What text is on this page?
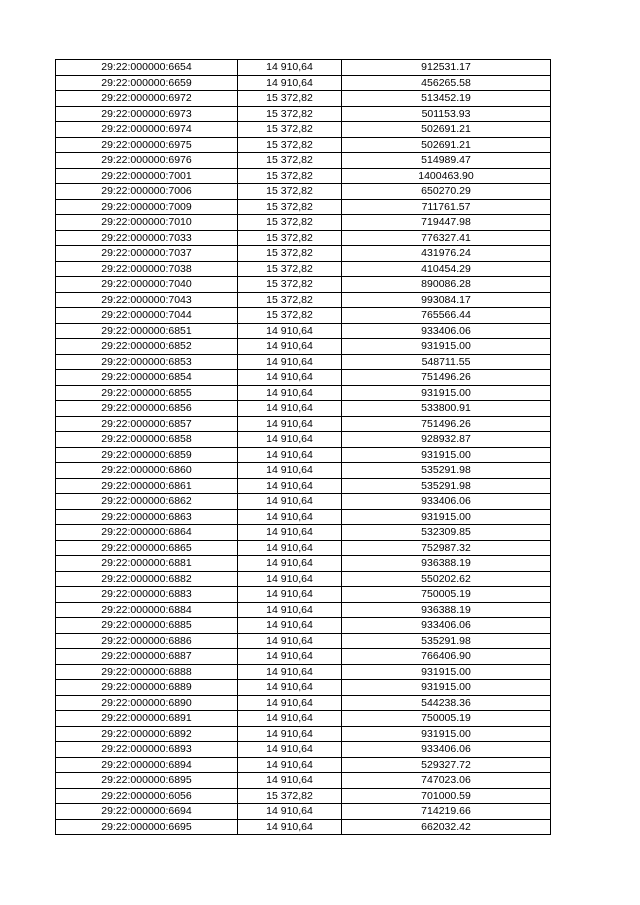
29:22:000000:6654	14 910,64	912531.17
29:22:000000:6659	14 910,64	456265.58
29:22:000000:6972	15 372,82	513452.19
29:22:000000:6973	15 372,82	501153.93
29:22:000000:6974	15 372,82	502691.21
29:22:000000:6975	15 372,82	502691.21
29:22:000000:6976	15 372,82	514989.47
29:22:000000:7001	15 372,82	1400463.90
29:22:000000:7006	15 372,82	650270.29
29:22:000000:7009	15 372,82	711761.57
29:22:000000:7010	15 372,82	719447.98
29:22:000000:7033	15 372,82	776327.41
29:22:000000:7037	15 372,82	431976.24
29:22:000000:7038	15 372,82	410454.29
29:22:000000:7040	15 372,82	890086.28
29:22:000000:7043	15 372,82	993084.17
29:22:000000:7044	15 372,82	765566.44
29:22:000000:6851	14 910,64	933406.06
29:22:000000:6852	14 910,64	931915.00
29:22:000000:6853	14 910,64	548711.55
29:22:000000:6854	14 910,64	751496.26
29:22:000000:6855	14 910,64	931915.00
29:22:000000:6856	14 910,64	533800.91
29:22:000000:6857	14 910,64	751496.26
29:22:000000:6858	14 910,64	928932.87
29:22:000000:6859	14 910,64	931915.00
29:22:000000:6860	14 910,64	535291.98
29:22:000000:6861	14 910,64	535291.98
29:22:000000:6862	14 910,64	933406.06
29:22:000000:6863	14 910,64	931915.00
29:22:000000:6864	14 910,64	532309.85
29:22:000000:6865	14 910,64	752987.32
29:22:000000:6881	14 910,64	936388.19
29:22:000000:6882	14 910,64	550202.62
29:22:000000:6883	14 910,64	750005.19
29:22:000000:6884	14 910,64	936388.19
29:22:000000:6885	14 910,64	933406.06
29:22:000000:6886	14 910,64	535291.98
29:22:000000:6887	14 910,64	766406.90
29:22:000000:6888	14 910,64	931915.00
29:22:000000:6889	14 910,64	931915.00
29:22:000000:6890	14 910,64	544238.36
29:22:000000:6891	14 910,64	750005.19
29:22:000000:6892	14 910,64	931915.00
29:22:000000:6893	14 910,64	933406.06
29:22:000000:6894	14 910,64	529327.72
29:22:000000:6895	14 910,64	747023.06
29:22:000000:6056	15 372,82	701000.59
29:22:000000:6694	14 910,64	714219.66
29:22:000000:6695	14 910,64	662032.42
